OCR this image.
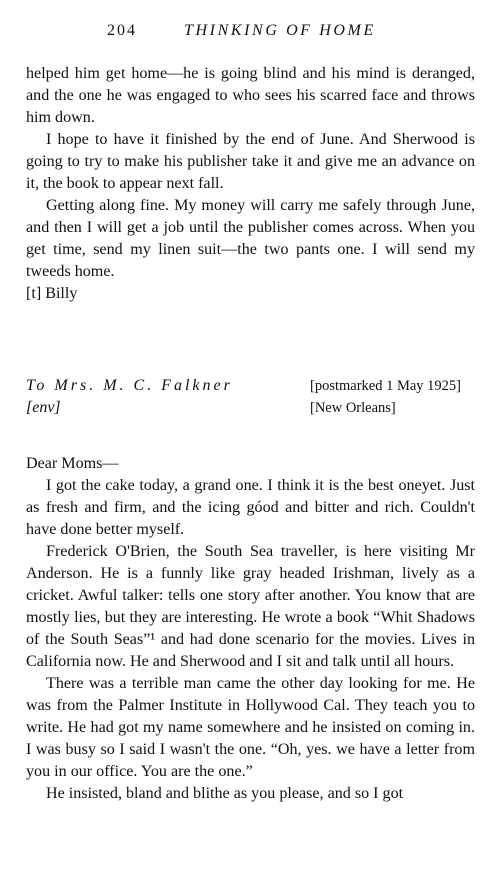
204	THINKING OF HOME

helped him get home—he is going blind and his mind is deranged, and the one he was engaged to who sees his scarred face and throws him down.

I hope to have it finished by the end of June. And Sherwood is going to try to make his publisher take it and give me an advance on it, the book to appear next fall.

Getting along fine. My money will carry me safely through June, and then I will get a job until the publisher comes across. When you get time, send my linen suit—the two pants one. I will send my tweeds home.

[t] Billy

To Mrs. M. C. Falkner
[env]
[postmarked 1 May 1925]
[New Orleans]

Dear Moms—

I got the cake today, a grand one. I think it is the best oneyet. Just as fresh and firm, and the icing góod and bitter and rich. Couldn't have done better myself.

Frederick O'Brien, the South Sea traveller, is here visiting Mr Anderson. He is a funnly like gray headed Irishman, lively as a cricket. Awful talker: tells one story after another. You know that are mostly lies, but they are interesting. He wrote a book “Whit Shadows of the South Seas”¹ and had done scenario for the movies. Lives in California now. He and Sherwood and I sit and talk until all hours.

There was a terrible man came the other day looking for me. He was from the Palmer Institute in Hollywood Cal. They teach you to write. He had got my name somewhere and he insisted on coming in. I was busy so I said I wasn't the one. “Oh, yes. we have a letter from you in our office. You are the one.”

He insisted, bland and blithe as you please, and so I got
